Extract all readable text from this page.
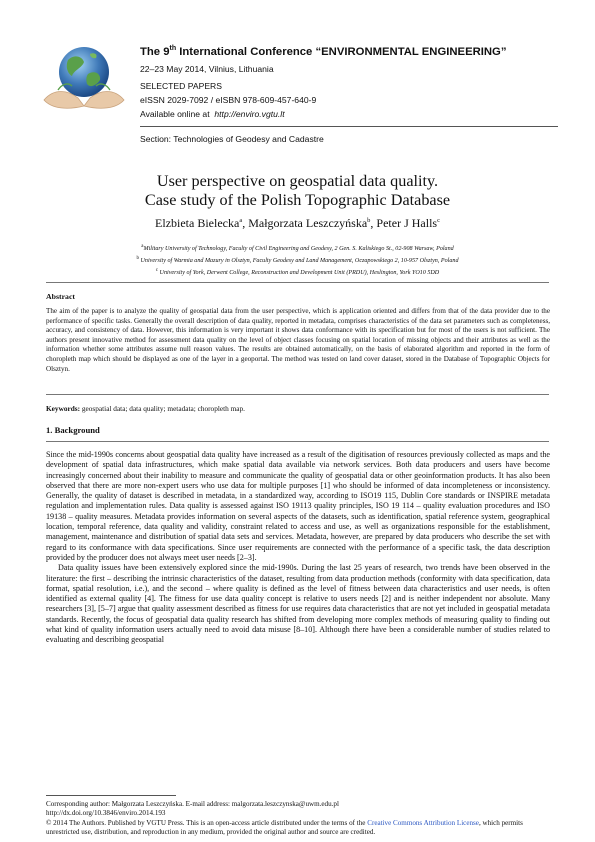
The 9th International Conference “ENVIRONMENTAL ENGINEERING”
22–23 May 2014, Vilnius, Lithuania
SELECTED PAPERS
eISSN 2029-7092 / eISBN 978-609-457-640-9
Available online at http://enviro.vgtu.lt
Section: Technologies of Geodesy and Cadastre
User perspective on geospatial data quality.
Case study of the Polish Topographic Database
Elzbieta Bielecka$^a$, Małgorzata Leszczyńska$^b$, Peter J Halls$^c$
$^a$Military University of Technology, Faculty of Civil Engineering and Geodesy, 2 Gen. S. Kaliskiego St., 02-908 Warsaw, Poland
$^b$ University of Warmia and Mazury in Olsztyn, Faculty Geodesy and Land Management, Oczapowskiego 2, 10-957 Olsztyn, Poland
$^c$ University of York, Derwent College, Reconstruction and Development Unit (PRDU), Heslington, York YO10 5DD
Abstract
The aim of the paper is to analyze the quality of geospatial data from the user perspective, which is application oriented and differs from that of the data provider due to the performance of specific tasks. Generally the overall description of data quality, reported in metadata, comprises characteristics of the data set parameters such as completeness, accuracy, and consistency of data. However, this information is very important it shows data conformance with its specification but for most of the users is not sufficient. The authors present innovative method for assessment data quality on the level of object classes focusing on spatial location of missing objects and their attributes as well as the information whether some attributes assume null reason values. The results are obtained automatically, on the basis of elaborated algorithm and reported in the form of choropleth map which should be displayed as one of the layer in a geoportal. The method was tested on land cover dataset, stored in the Database of Topographic Objects for Olsztyn.
Keywords: geospatial data; data quality; metadata; choropleth map.
1. Background

Since the mid-1990s concerns about geospatial data quality have increased as a result of the digitisation of resources previously collected as maps and the development of spatial data infrastructures, which make spatial data available via network services. Both data producers and users have become increasingly concerned about their inability to measure and communicate the quality of geospatial data or other geoinformation products. It has also been observed that there are more non-expert users who use data for multiple purposes [1] who should be informed of data incompleteness or inconsistency. Generally, the quality of dataset is described in metadata, in a standardized way, according to ISO19 115, Dublin Core standards or INSPIRE metadata regulation and implementation rules. Data quality is assessed against ISO 19113 quality principles, ISO 19 114 – quality evaluation procedures and ISO 19138 – quality measures. Metadata provides information on several aspects of the datasets, such as identification, spatial reference system, geographical location, temporal reference, data quality and validity, constraint related to access and use, as well as organizations responsible for the establishment, management, maintenance and distribution of spatial data sets and services. Metadata, however, are prepared by data producers who describe the set with regard to its conformance with data specifications. Since user requirements are connected with the performance of a specific task, the data description provided by the producer does not always meet user needs [2–3].

Data quality issues have been extensively explored since the mid-1990s. During the last 25 years of research, two trends have been observed in the literature: the first – describing the intrinsic characteristics of the dataset, resulting from data production methods (conformity with data specification, data format, spatial resolution, i.e.), and the second – where quality is defined as the level of fitness between data characteristics and user needs, is often identified as external quality [4]. The fitness for use data quality concept is relative to users needs [2] and is neither independent nor absolute. Many researchers [3], [5–7] argue that quality assessment described as fitness for use requires data characteristics that are not yet included in geospatial metadata standards. Recently, the focus of geospatial data quality research has shifted from developing more complex methods of measuring quality to finding out what kind of quality information users actually need to avoid data misuse [8–10]. Although there have been a considerable number of studies related to evaluating and describing geospatial

Corresponding author: Małgorzata Leszczyńska. E-mail address: malgorzata.leszczynska@uwm.edu.pl
http://dx.doi.org/10.3846/enviro.2014.193
© 2014 The Authors. Published by VGTU Press. This is an open-access article distributed under the terms of the Creative Commons Attribution License, which permits unrestricted use, distribution, and reproduction in any medium, provided the original author and source are credited.
